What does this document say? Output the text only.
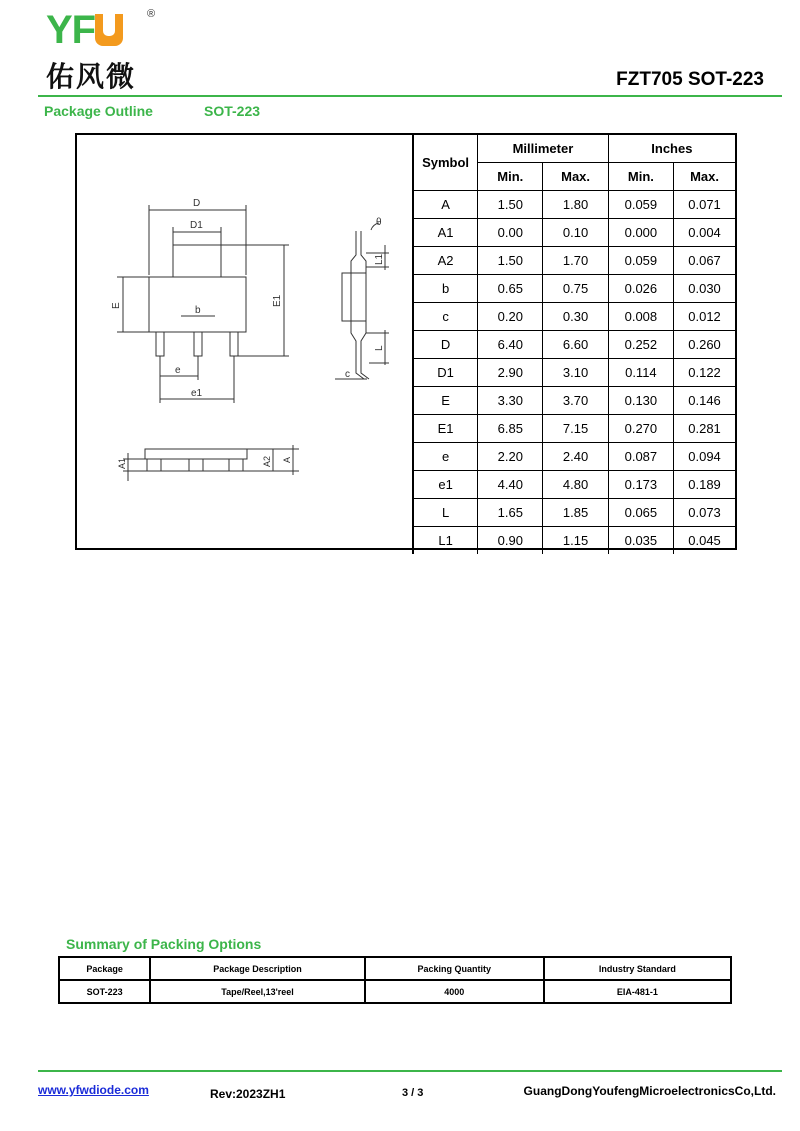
YF	®
佑风微	FZT705 SOT-223
Package Outline	SOT-223
D
D1
E	E1
b
e
e1
θ
L1
L
c
A1	A2 A
Symbol	Millimeter		Inches	
	Min.	Max.	Min.	Max.
A	1.50	1.80	0.059	0.071
A1	0.00	0.10	0.000	0.004
A2	1.50	1.70	0.059	0.067
b	0.65	0.75	0.026	0.030
c	0.20	0.30	0.008	0.012
D	6.40	6.60	0.252	0.260
D1	2.90	3.10	0.114	0.122
E	3.30	3.70	0.130	0.146
E1	6.85	7.15	0.270	0.281
e	2.20	2.40	0.087	0.094
e1	4.40	4.80	0.173	0.189
L	1.65	1.85	0.065	0.073
L1	0.90	1.15	0.035	0.045
Summary of Packing Options
Package	Package Description	Packing Quantity	Industry Standard
SOT-223	Tape/Reel,13'reel	4000	EIA-481-1
www.yfwdiode.com	Rev:2023ZH1	3 / 3	GuangDongYoufengMicroelectronicsCo,Ltd.
